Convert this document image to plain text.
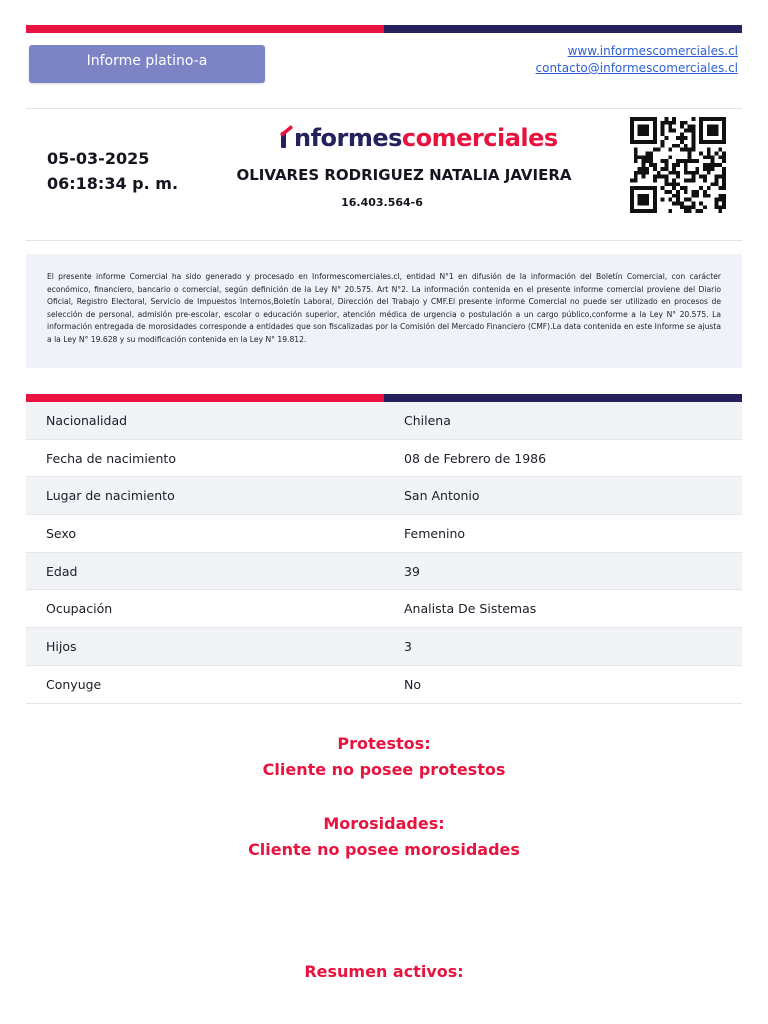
Informe platino-a
www.informescomerciales.cl
contacto@informescomerciales.cl
05-03-2025
06:18:34 p. m.
nformescomerciales
OLIVARES RODRIGUEZ NATALIA JAVIERA
16.403.564-6
El presente informe Comercial ha sido generado y procesado en Informescomerciales.cl, entidad N°1 en difusión de la información del Boletín Comercial, con carácter económico, financiero, bancario o comercial, según definición de la Ley N° 20.575. Art N°2. La información contenida en el presente informe comercial proviene del Diario Oficial, Registro Electoral, Servicio de Impuestos Internos,Boletín Laboral, Dirección del Trabajo y CMF.El presente informe Comercial no puede ser utilizado en procesos de selección de personal, admisión pre-escolar, escolar o educación superior, atención médica de urgencia o postulación a un cargo público,conforme a la Ley N° 20.575. La información entregada de morosidades corresponde a entidades que son fiscalizadas por la Comisión del Mercado Financiero (CMF).La data contenida en este Informe se ajusta a la Ley N° 19.628 y su modificación contenida en la Ley N° 19.812.
Nacionalidad	Chilena
Fecha de nacimiento	08 de Febrero de 1986
Lugar de nacimiento	San Antonio
Sexo	Femenino
Edad	39
Ocupación	Analista De Sistemas
Hijos	3
Conyuge	No
Protestos:
Cliente no posee protestos
Morosidades:
Cliente no posee morosidades
Resumen activos:
